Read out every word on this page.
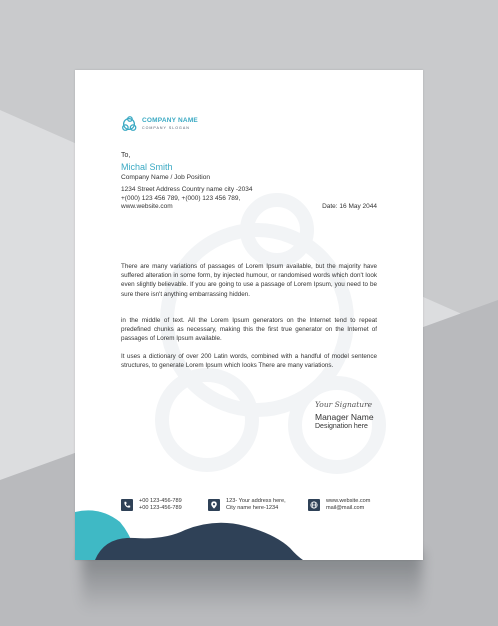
COMPANY NAME
COMPANY SLOGAN
To,
Michal Smith
Company Name / Job Position
1234 Street Address Country name city -2034
+(000) 123 456 789, +(000) 123 456 789,
www.website.com	Date: 16 May 2044

There are many variations of passages of Lorem Ipsum available, but the majority have suffered alteration in some form, by injected humour, or randomised words which don't look even slightly believable. If you are going to use a passage of Lorem Ipsum, you need to be sure there isn't anything embarrassing hidden.

in the middle of text. All the Lorem Ipsum generators on the Internet tend to repeat predefined chunks as necessary, making this the first true generator on the Internet of passages of Lorem Ipsum available.

It uses a dictionary of over 200 Latin words, combined with a handful of model sentence structures, to generate Lorem Ipsum which looks There are many variations.

Your Signature
Manager Name
Designation here
+00 123-456-789
+00 123-456-789
123- Your address here,
City name here-1234
www.website.com
mail@mail.com
